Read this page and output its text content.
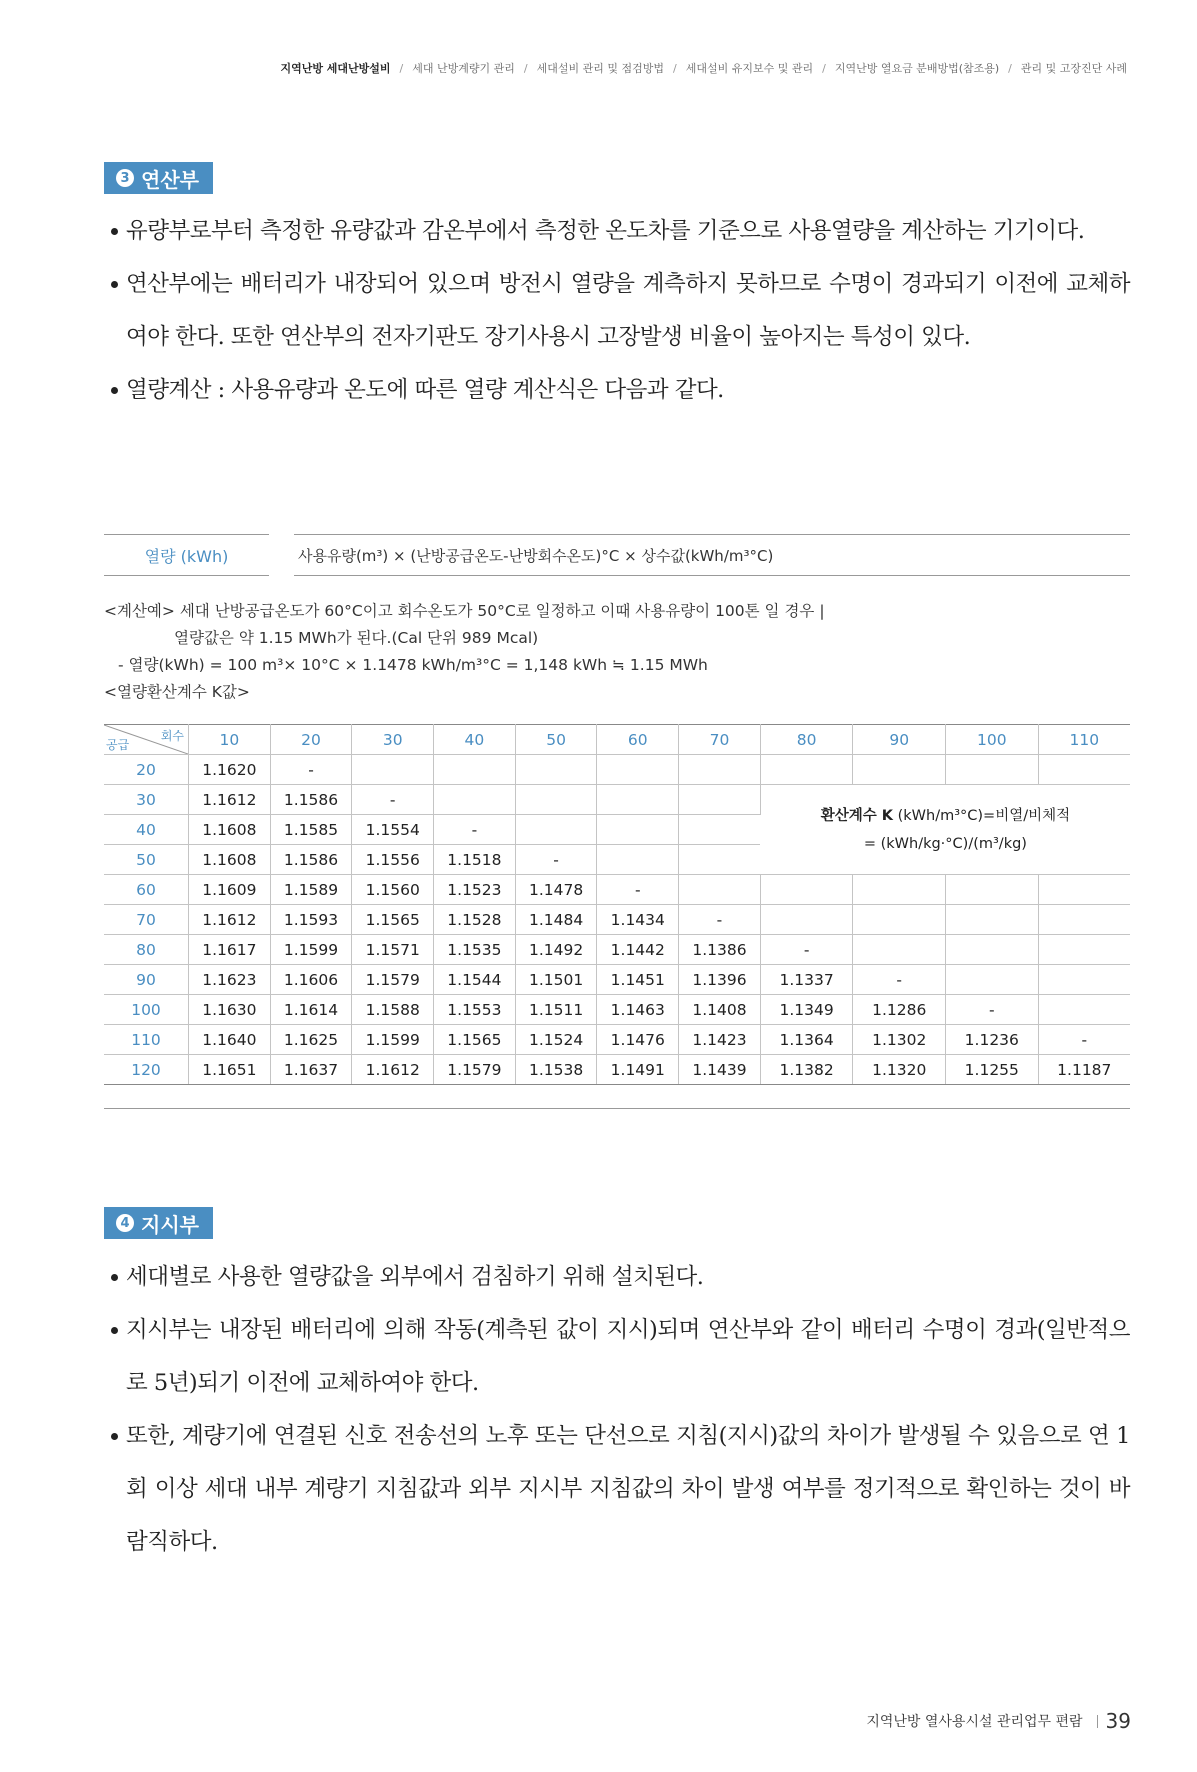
지역난방 세대난방설비 / 세대 난방계량기 관리 / 세대설비 관리 및 점검방법 / 세대설비 유지보수 및 관리 / 지역난방 열요금 분배방법(참조용) / 관리 및 고장진단 사례
3 연산부
유량부로부터 측정한 유량값과 감온부에서 측정한 온도차를 기준으로 사용열량을 계산하는 기기이다.
연산부에는 배터리가 내장되어 있으며 방전시 열량을 계측하지 못하므로 수명이 경과되기 이전에 교체하여야 한다. 또한 연산부의 전자기판도 장기사용시 고장발생 비율이 높아지는 특성이 있다.
열량계산 : 사용유량과 온도에 따른 열량 계산식은 다음과 같다.
열량 (kWh)	사용유량(m³) × (난방공급온도-난방회수온도)°C × 상수값(kWh/m³°C)
<계산예> 세대 난방공급온도가 60°C이고 회수온도가 50°C로 일정하고 이때 사용유량이 100톤 일 경우 |
열량값은 약 1.15 MWh가 된다.(Cal 단위 989 Mcal)
- 열량(kWh) = 100 m³× 10°C × 1.1478 kWh/m³°C = 1,148 kWh ≒ 1.15 MWh
<열량환산계수 K값>
회수
공급	10	20	30	40	50	60	70	80	90	100	110
20	1.1620	-									
30	1.1612	1.1586	-					환산계수 K (kWh/m³°C)=비열/비체적
= (kWh/kg·°C)/(m³/kg)			

40	1.1608	1.1585	1.1554	-							
50	1.1608	1.1586	1.1556	1.1518	-						
60	1.1609	1.1589	1.1560	1.1523	1.1478	-					
70	1.1612	1.1593	1.1565	1.1528	1.1484	1.1434	-				
80	1.1617	1.1599	1.1571	1.1535	1.1492	1.1442	1.1386	-			
90	1.1623	1.1606	1.1579	1.1544	1.1501	1.1451	1.1396	1.1337	-		
100	1.1630	1.1614	1.1588	1.1553	1.1511	1.1463	1.1408	1.1349	1.1286	-	
110	1.1640	1.1625	1.1599	1.1565	1.1524	1.1476	1.1423	1.1364	1.1302	1.1236	-
120	1.1651	1.1637	1.1612	1.1579	1.1538	1.1491	1.1439	1.1382	1.1320	1.1255	1.1187
4 지시부
세대별로 사용한 열량값을 외부에서 검침하기 위해 설치된다.
지시부는 내장된 배터리에 의해 작동(계측된 값이 지시)되며 연산부와 같이 배터리 수명이 경과(일반적으로 5년)되기 이전에 교체하여야 한다.
또한, 계량기에 연결된 신호 전송선의 노후 또는 단선으로 지침(지시)값의 차이가 발생될 수 있음으로 연 1회 이상 세대 내부 계량기 지침값과 외부 지시부 지침값의 차이 발생 여부를 정기적으로 확인하는 것이 바람직하다.
지역난방 열사용시설 관리업무 편람 39
